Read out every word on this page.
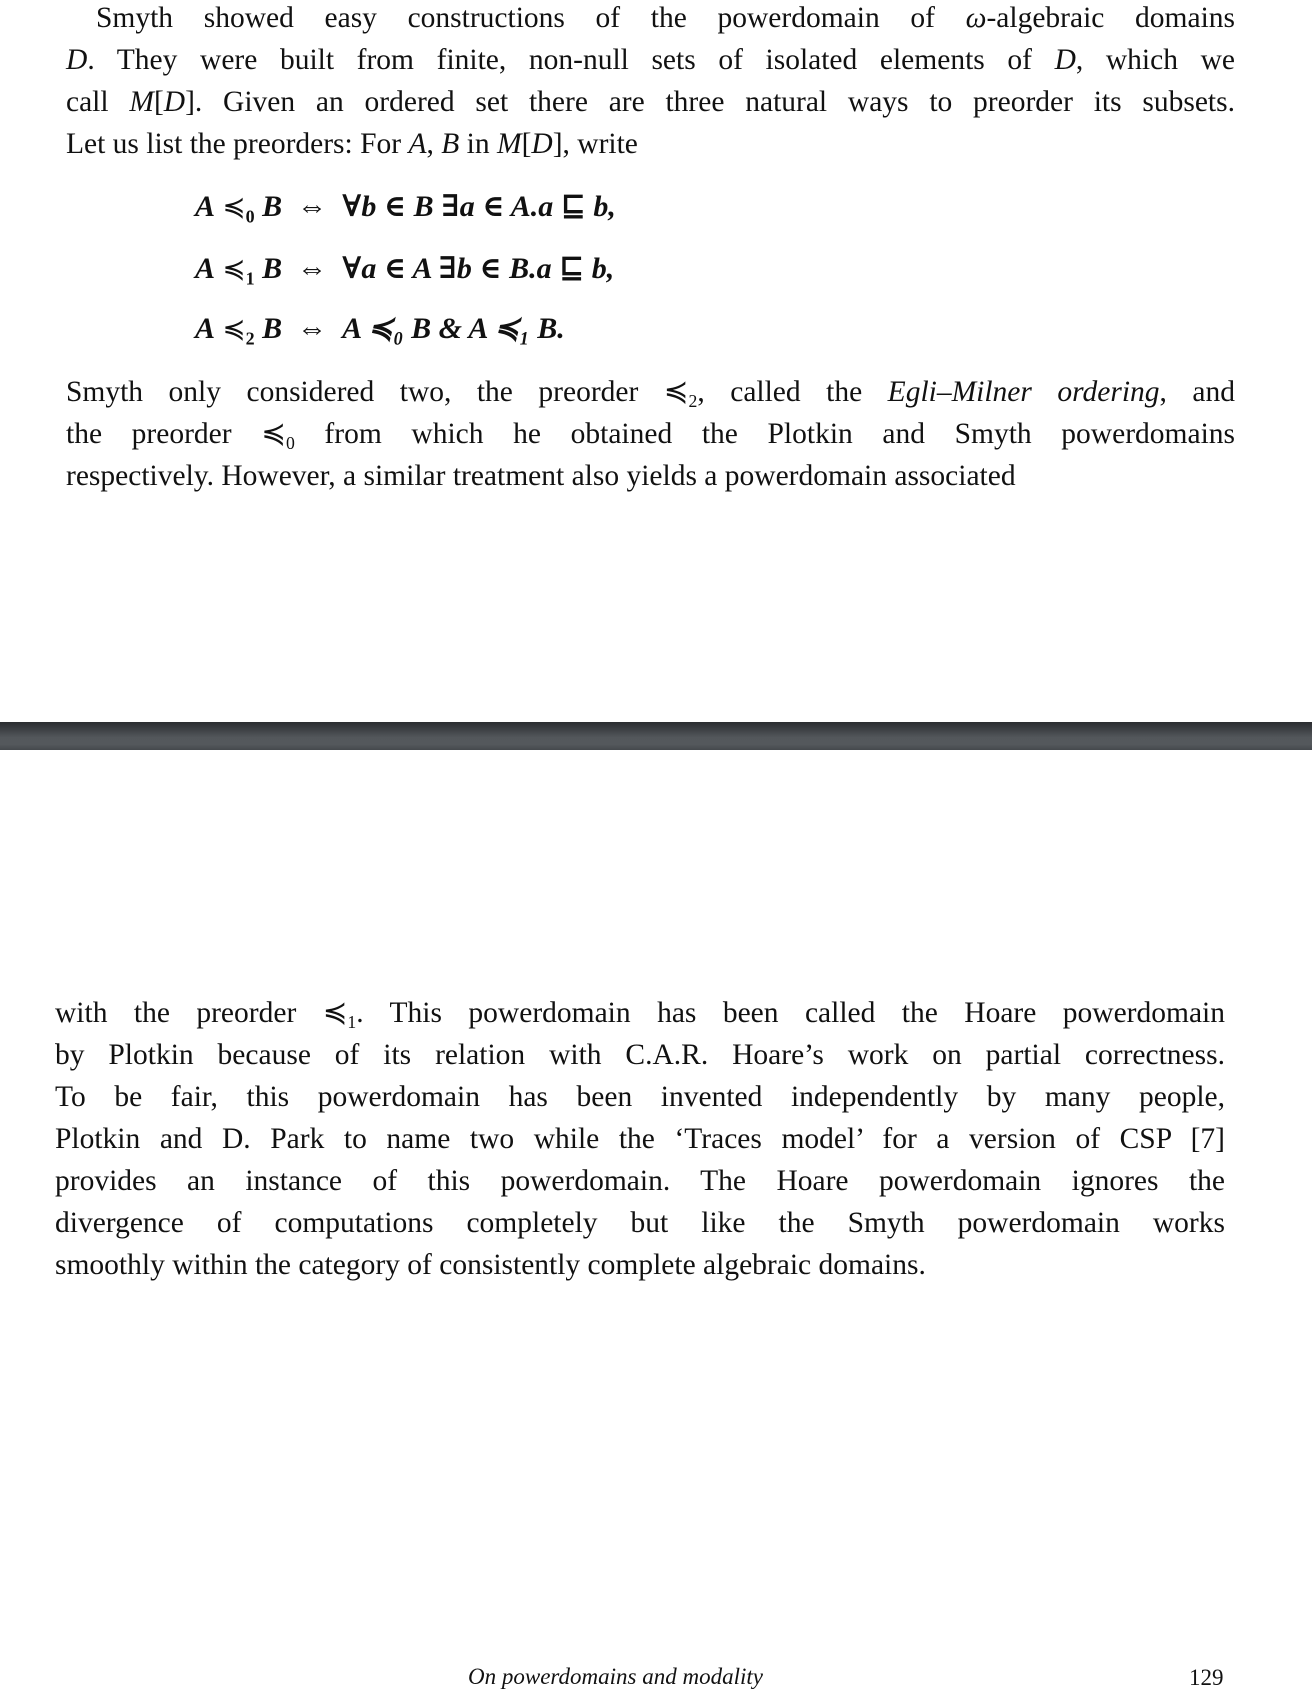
Smyth showed easy constructions of the powerdomain of ω-algebraic domains
D. They were built from finite, non-null sets of isolated elements of D, which we
call M[D]. Given an ordered set there are three natural ways to preorder its subsets.
Let us list the preorders: For A, B in M[D], write
A $≼_0$ B ⇔ ∀b ∈ B ∃a ∈ A.a ⊑ b,
A $≼_1$ B ⇔ ∀a ∈ A ∃b ∈ B.a ⊑ b,
A $≼_2$ B ⇔ A ≼₀ B & A ≼₁ B.
Smyth only considered two, the preorder $≼_2$, called the Egli–Milner ordering, and
the preorder $≼_0$ from which he obtained the Plotkin and Smyth powerdomains
respectively. However, a similar treatment also yields a powerdomain associated
On powerdomains and modality	129
with the preorder $≼_1$. This powerdomain has been called the Hoare powerdomain
by Plotkin because of its relation with C.A.R. Hoare’s work on partial correctness.
To be fair, this powerdomain has been invented independently by many people,
Plotkin and D. Park to name two while the ‘Traces model’ for a version of CSP [7]
provides an instance of this powerdomain. The Hoare powerdomain ignores the
divergence of computations completely but like the Smyth powerdomain works
smoothly within the category of consistently complete algebraic domains.
